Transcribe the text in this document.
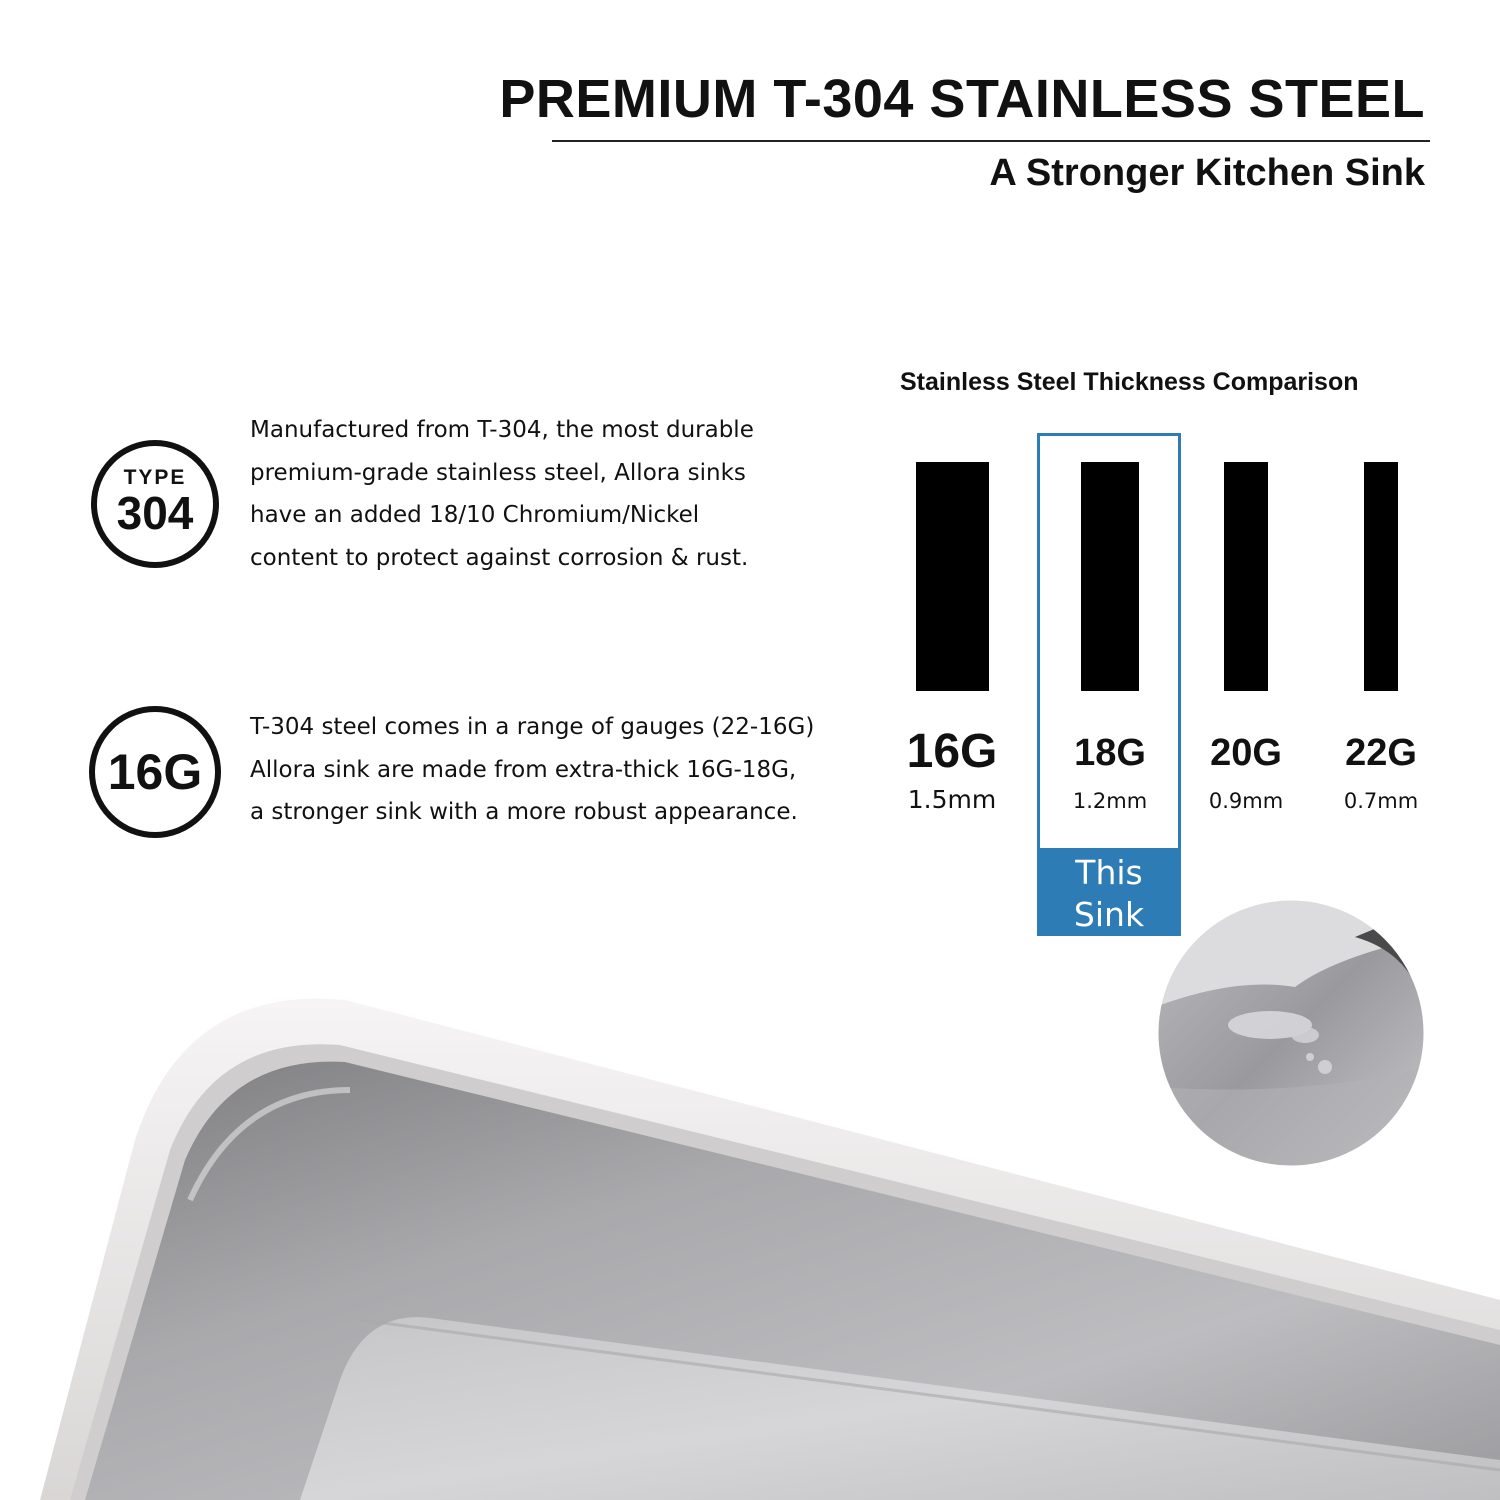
PREMIUM T-304 STAINLESS STEEL
A Stronger Kitchen Sink
TYPE
304
Manufactured from T-304, the most durable
premium-grade stainless steel, Allora sinks
have an added 18/10 Chromium/Nickel
content to protect against corrosion & rust.
16G
T-304 steel comes in a range of gauges (22-16G)
Allora sink are made from extra-thick 16G-18G,
a stronger sink with a more robust appearance.
Stainless Steel Thickness Comparison
16G
1.5mm
18G
1.2mm
20G
0.9mm
22G
0.7mm
This
Sink
